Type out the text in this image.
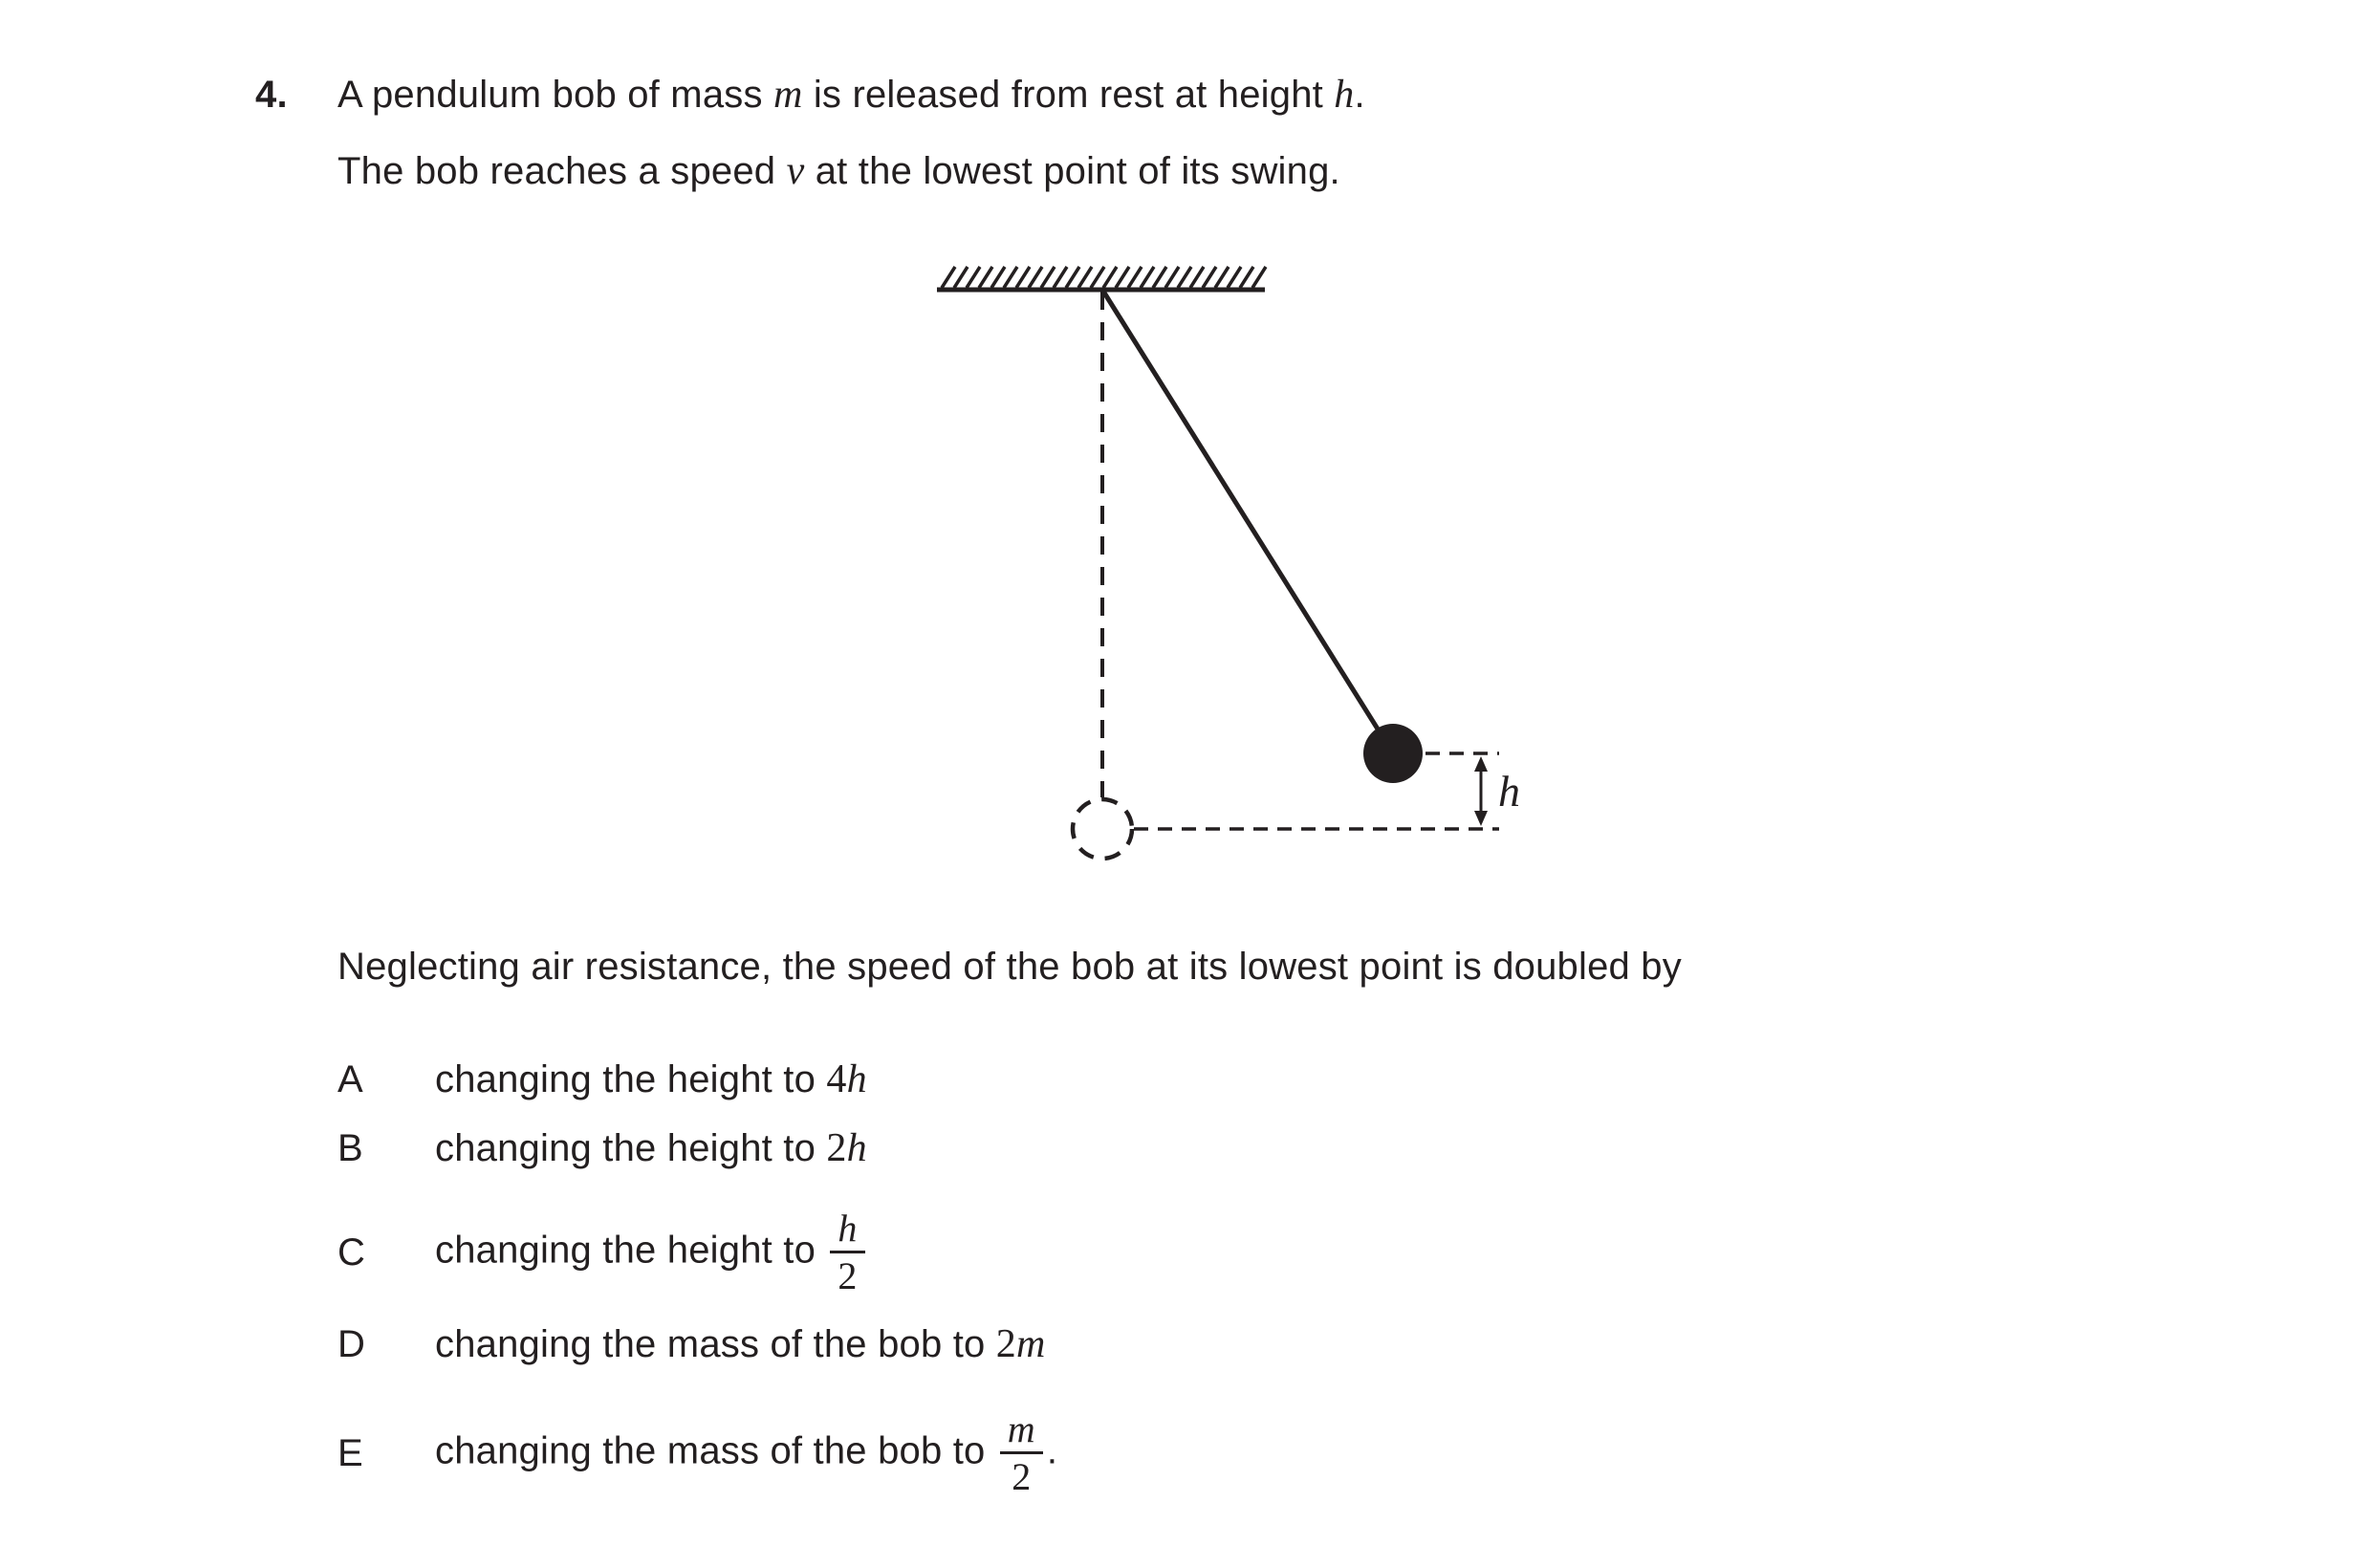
4. A pendulum bob of mass m is released from rest at height h.
The bob reaches a speed v at the lowest point of its swing.
h
Neglecting air resistance, the speed of the bob at its lowest point is doubled by
A	changing the height to 4h
B	changing the height to 2h
C	changing the height to $\frac{h}{2}$
D	changing the mass of the bob to 2m
E	changing the mass of the bob to $\frac{m}{2}$ .
